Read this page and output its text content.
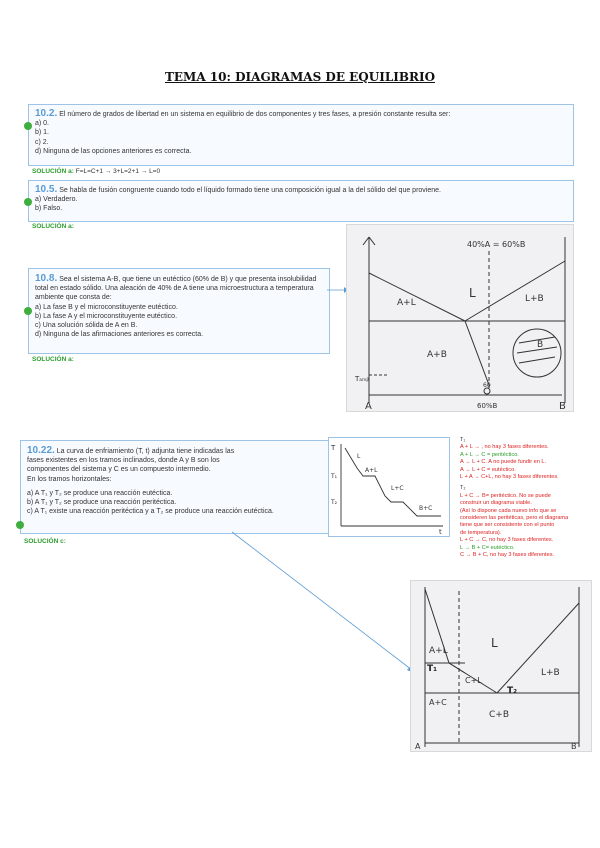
TEMA 10: DIAGRAMAS DE EQUILIBRIO
10.2. El número de grados de libertad en un sistema en equilibrio de dos componentes y tres fases, a presión constante resulta ser:
a) 0.
b) 1.
c) 2.
d) Ninguna de las opciones anteriores es correcta.
SOLUCIÓN a: F=L=C+1 → 3+L=2+1 → L=0
10.5. Se habla de fusión congruente cuando todo el líquido formado tiene una composición igual a la del sólido del que proviene.
a) Verdadero.
b) Falso.
SOLUCIÓN a:
10.8. Sea el sistema A-B, que tiene un eutéctico (60% de B) y que presenta insolubilidad total en estado sólido. Una aleación de 40% de A tiene una microestructura a temperatura ambiente que consta de:
a) La fase B y el microconstituyente eutéctico.
b) La fase A y el microconstituyente eutéctico.
c) Una solución sólida de A en B.
d) Ninguna de las afirmaciones anteriores es correcta.
SOLUCIÓN a:
40%A = 60%B
A+L
L	L+B
A+B
B
Tₐₘᵦ
60
A	60%B	B
10.22. La curva de enfriamiento (T, t) adjunta tiene indicadas las
fases existentes en los tramos inclinados, donde A y B son los
componentes del sistema y C es un compuesto intermedio.
En los tramos horizontales:
a) A T₁ y T₂ se produce una reacción eutéctica.
b) A T₁ y T₂ se produce una reacción peritéctica.
c) A T₁ existe una reacción peritéctica y a T₂ se produce una reacción eutéctica.
SOLUCIÓN c:
T
t
T₁
T₂
L
A+L
L+C
B+C
T₁
A + L → , no hay 3 fases diferentes.
A + L → C = peritéctico.
A → L + C. A no puede fundir en L.
A → L + C = eutéctico.
L + A → C+L, no hay 3 fases diferentes.
T₂
L + C → B= peritéctico. No se puede
construir un diagrama viable.
(Así lo dispone cada nuevo info que se
consideren las peritéticas, pero el diagrama
tiene que ser consistente con el punto
de temperatura).
L + C → C, no hay 3 fases diferentes.
L → B + C= eutéctico.
C → B + C, no hay 3 fases diferentes.
A+L
L
L+B
C+L
A+C
C+B
T₁
T₂
A	B
